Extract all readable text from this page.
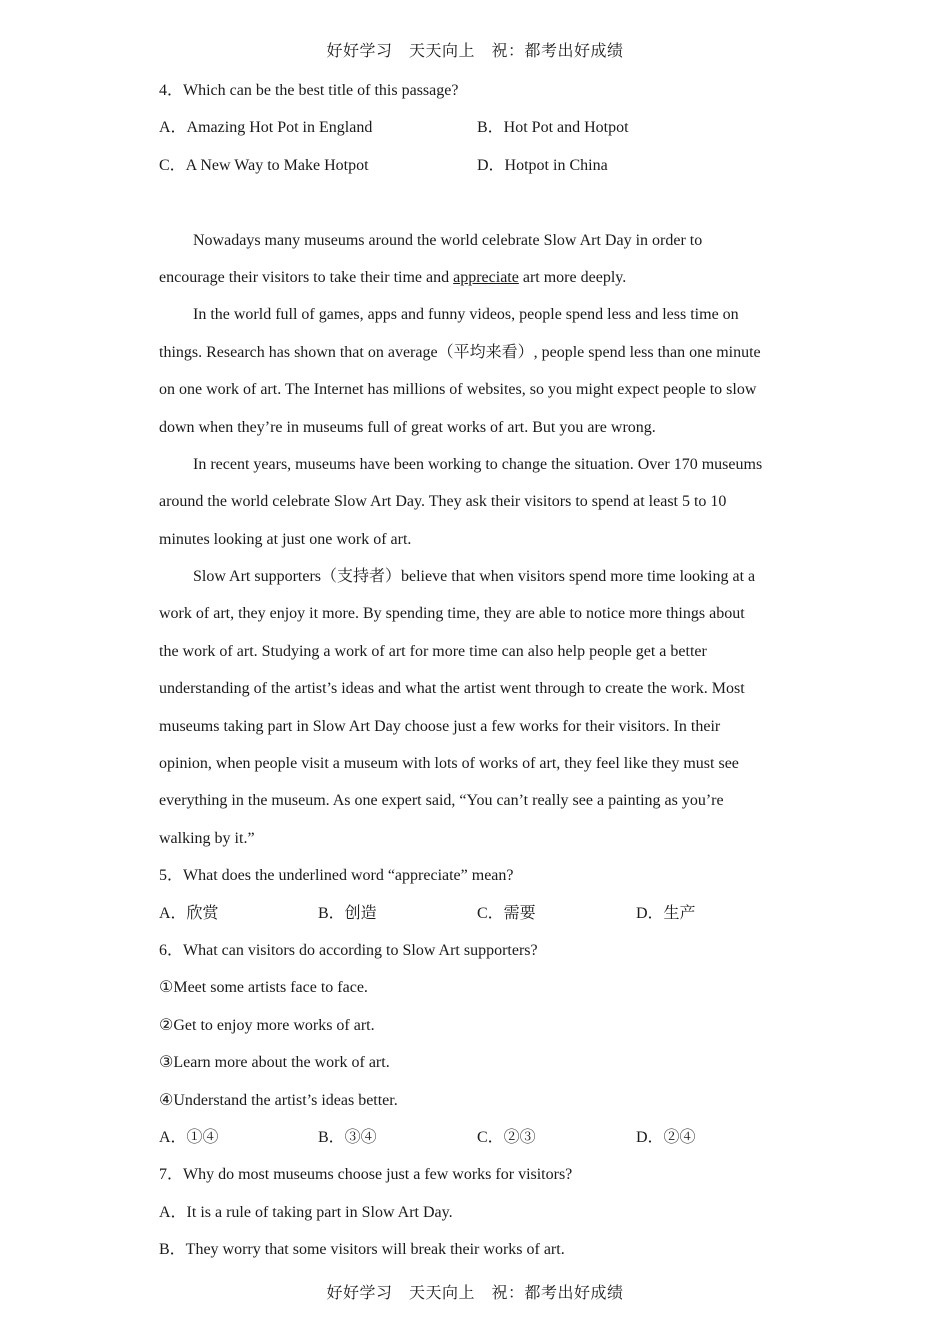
好好学习　天天向上　祝：都考出好成绩
4．Which can be the best title of this passage?
A．Amazing Hot Pot in England	B．Hot Pot and Hotpot
C．A New Way to Make Hotpot	D．Hotpot in China
Nowadays many museums around the world celebrate Slow Art Day in order to
encourage their visitors to take their time and appreciate art more deeply.
In the world full of games, apps and funny videos, people spend less and less time on
things. Research has shown that on average（平均来看）, people spend less than one minute
on one work of art. The Internet has millions of websites, so you might expect people to slow
down when they’re in museums full of great works of art. But you are wrong.
In recent years, museums have been working to change the situation. Over 170 museums
around the world celebrate Slow Art Day. They ask their visitors to spend at least 5 to 10
minutes looking at just one work of art.
Slow Art supporters（支持者）believe that when visitors spend more time looking at a
work of art, they enjoy it more. By spending time, they are able to notice more things about
the work of art. Studying a work of art for more time can also help people get a better
understanding of the artist’s ideas and what the artist went through to create the work. Most
museums taking part in Slow Art Day choose just a few works for their visitors. In their
opinion, when people visit a museum with lots of works of art, they feel like they must see
everything in the museum. As one expert said, “You can’t really see a painting as you’re
walking by it.”
5．What does the underlined word “appreciate” mean?
A．欣赏	B．创造	C．需要	D．生产
6．What can visitors do according to Slow Art supporters?
①Meet some artists face to face.
②Get to enjoy more works of art.
③Learn more about the work of art.
④Understand the artist’s ideas better.
A．①④	B．③④	C．②③	D．②④
7．Why do most museums choose just a few works for visitors?
A．It is a rule of taking part in Slow Art Day.
B．They worry that some visitors will break their works of art.
好好学习　天天向上　祝：都考出好成绩
